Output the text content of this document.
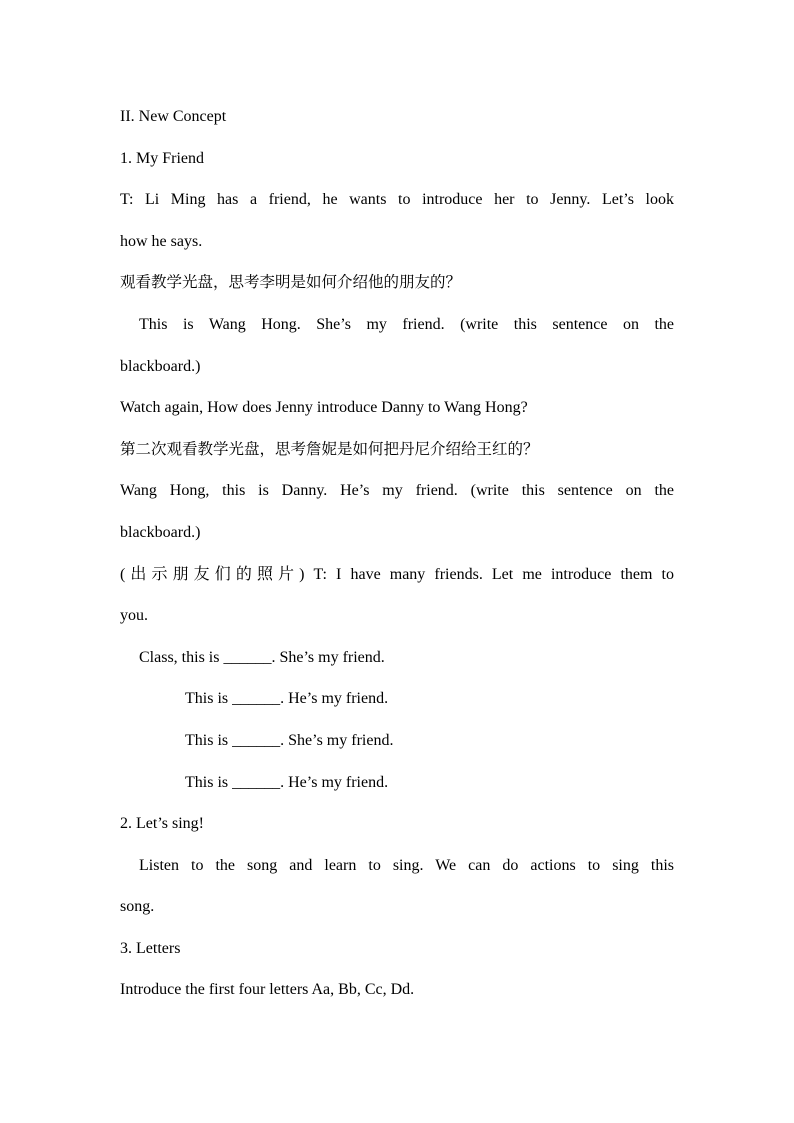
II. New Concept
1. My Friend
T: Li Ming has a friend, he wants to introduce her to Jenny. Let’s look
how he says.
观看教学光盘，思考李明是如何介绍他的朋友的？
This is Wang Hong. She’s my friend. (write this sentence on the
blackboard.)
Watch again, How does Jenny introduce Danny to Wang Hong?
第二次观看教学光盘，思考詹妮是如何把丹尼介绍给王红的？
Wang Hong, this is Danny. He’s my friend. (write this sentence on the
blackboard.)
(出示朋友们的照片) T: I have many friends. Let me introduce them to
you.
Class, this is ______. She’s my friend.
This is ______. He’s my friend.
This is ______. She’s my friend.
This is ______. He’s my friend.
2. Let’s sing!
Listen to the song and learn to sing. We can do actions to sing this
song.
3. Letters
Introduce the first four letters Aa, Bb, Cc, Dd.
